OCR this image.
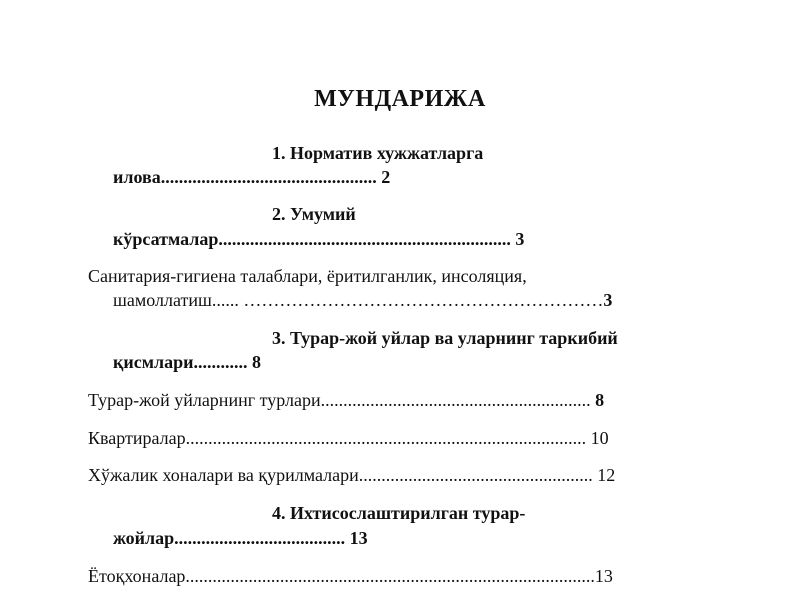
МУНДАРИЖА
1. Норматив хужжатларга
илова................................................ 2
2. Умумий
кўрсатмалар................................................................. 3
Санитария-гигиена талаблари, ёритилганлик, инсоляция,
шамоллатиш...... ……………………………………………………3
3. Турар-жой уйлар ва уларнинг таркибий
қисмлари............ 8
Турар-жой уйларнинг турлари............................................................ 8
Квартиралар......................................................................................... 10
Хўжалик хоналари ва қурилмалари.................................................... 12
4. Ихтисослаштирилган турар-
жойлар...................................... 13
Ётоқхоналар...........................................................................................13
